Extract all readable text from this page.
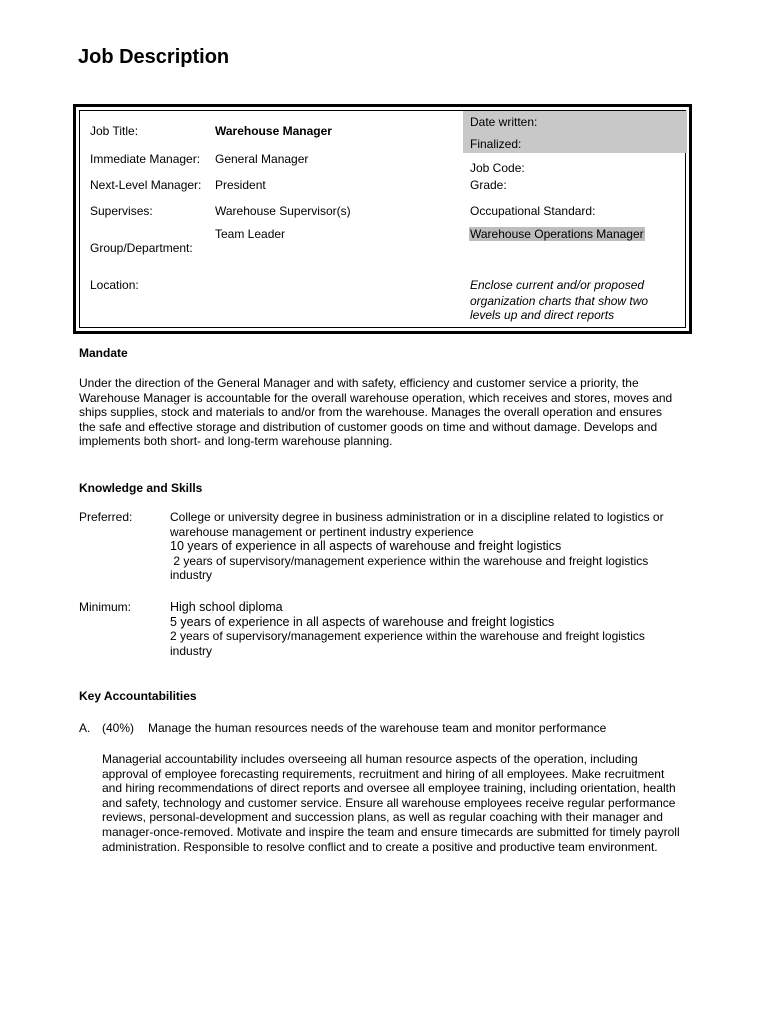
Job Description
Job Title:	Warehouse Manager
Immediate Manager: General Manager
Next-Level Manager: President
Supervises:	Warehouse Supervisor(s)
Team Leader
Group/Department:
Location:
Date written:
Finalized:
Job Code:
Grade:
Occupational Standard:
Warehouse Operations Manager
Enclose current and/or proposed
organization charts that show two
levels up and direct reports
Mandate
Under the direction of the General Manager and with safety, efficiency and customer service a priority, the
Warehouse Manager is accountable for the overall warehouse operation, which receives and stores, moves and
ships supplies, stock and materials to and/or from the warehouse. Manages the overall operation and ensures
the safe and effective storage and distribution of customer goods on time and without damage. Develops and
implements both short- and long-term warehouse planning.
Knowledge and Skills
Preferred:	College or university degree in business administration or in a discipline related to logistics or
warehouse management or pertinent industry experience
10 years of experience in all aspects of warehouse and freight logistics
2 years of supervisory/management experience within the warehouse and freight logistics
industry
Minimum:	High school diploma
5 years of experience in all aspects of warehouse and freight logistics
2 years of supervisory/management experience within the warehouse and freight logistics
industry
Key Accountabilities
A. (40%) Manage the human resources needs of the warehouse team and monitor performance
Managerial accountability includes overseeing all human resource aspects of the operation, including
approval of employee forecasting requirements, recruitment and hiring of all employees. Make recruitment
and hiring recommendations of direct reports and oversee all employee training, including orientation, health
and safety, technology and customer service. Ensure all warehouse employees receive regular performance
reviews, personal-development and succession plans, as well as regular coaching with their manager and
manager-once-removed. Motivate and inspire the team and ensure timecards are submitted for timely payroll
administration. Responsible to resolve conflict and to create a positive and productive team environment.
